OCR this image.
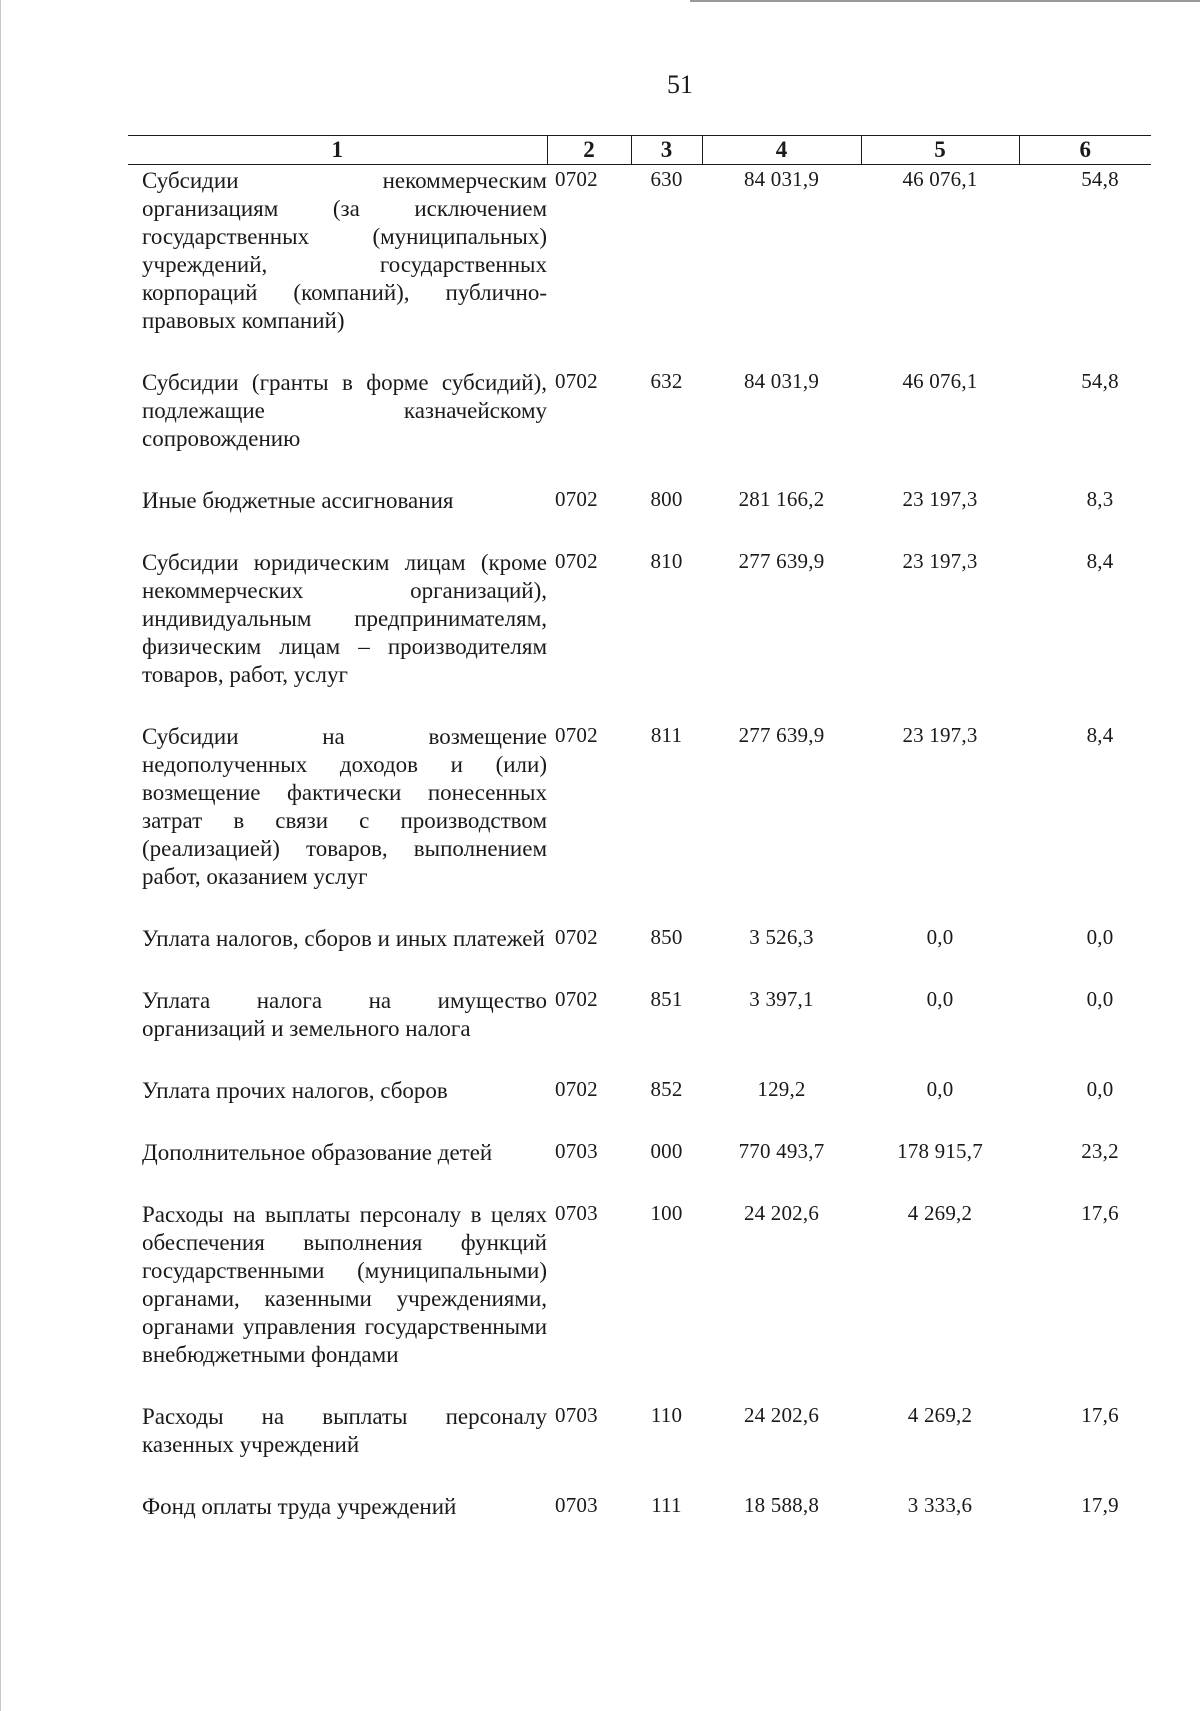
51
1	2	3	4	5	6
Субсидии некоммерческим организациям (за исключением государственных (муниципальных) учреждений, государственных корпораций (компаний), публично-правовых компаний)	0702	630	84 031,9	46 076,1	54,8

Субсидии (гранты в форме субсидий), подлежащие казначейскому сопровождению	0702	632	84 031,9	46 076,1	54,8

Иные бюджетные ассигнования	0702	800	281 166,2	23 197,3	8,3

Субсидии юридическим лицам (кроме некоммерческих организаций), индивидуальным предпринимателям, физическим лицам – производителям товаров, работ, услуг	0702	810	277 639,9	23 197,3	8,4

Субсидии на возмещение недополученных доходов и (или) возмещение фактически понесенных затрат в связи с производством (реализацией) товаров, выполнением работ, оказанием услуг	0702	811	277 639,9	23 197,3	8,4

Уплата налогов, сборов и иных платежей	0702	850	3 526,3	0,0	0,0

Уплата налога на имущество организаций и земельного налога	0702	851	3 397,1	0,0	0,0

Уплата прочих налогов, сборов	0702	852	129,2	0,0	0,0

Дополнительное образование детей	0703	000	770 493,7	178 915,7	23,2

Расходы на выплаты персоналу в целях обеспечения выполнения функций государственными (муниципальными) органами, казенными учреждениями, органами управления государственными внебюджетными фондами	0703	100	24 202,6	4 269,2	17,6

Расходы на выплаты персоналу казенных учреждений	0703	110	24 202,6	4 269,2	17,6

Фонд оплаты труда учреждений	0703	111	18 588,8	3 333,6	17,9
